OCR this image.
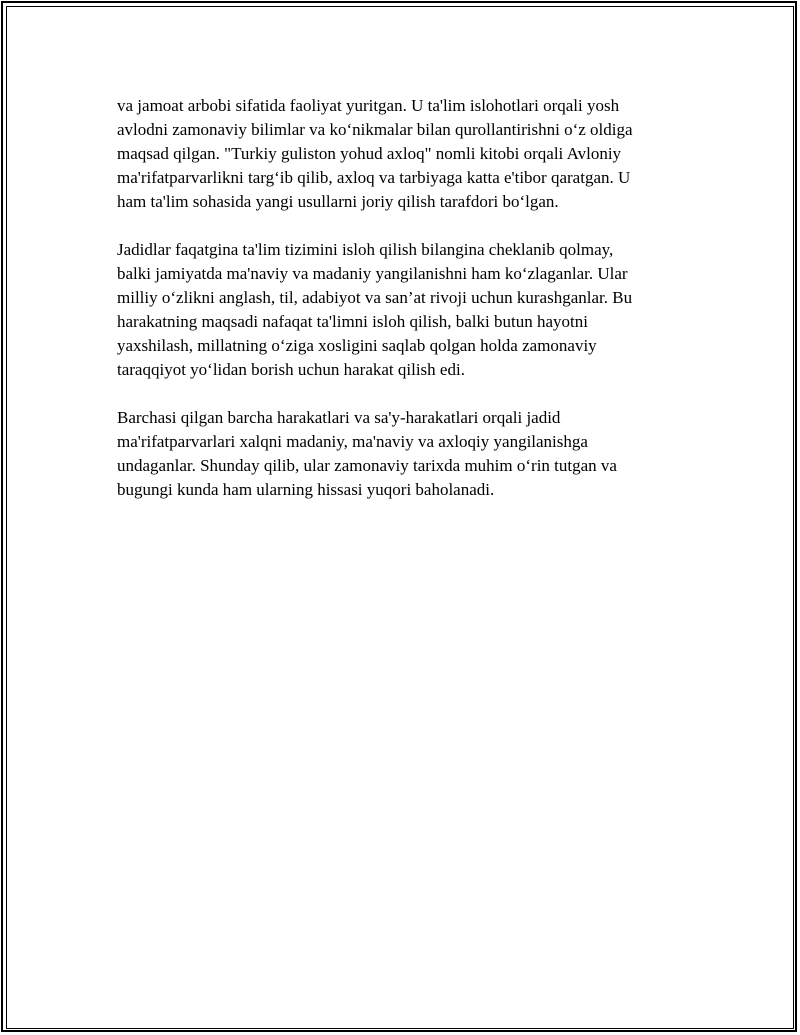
va jamoat arbobi sifatida faoliyat yuritgan. U ta'lim islohotlari orqali yosh
avlodni zamonaviy bilimlar va ko‘nikmalar bilan qurollantirishni o‘z oldiga
maqsad qilgan. "Turkiy guliston yohud axloq" nomli kitobi orqali Avloniy
ma'rifatparvarlikni targ‘ib qilib, axloq va tarbiyaga katta e'tibor qaratgan. U
ham ta'lim sohasida yangi usullarni joriy qilish tarafdori bo‘lgan.

Jadidlar faqatgina ta'lim tizimini isloh qilish bilangina cheklanib qolmay,
balki jamiyatda ma'naviy va madaniy yangilanishni ham ko‘zlaganlar. Ular
milliy o‘zlikni anglash, til, adabiyot va san’at rivoji uchun kurashganlar. Bu
harakatning maqsadi nafaqat ta'limni isloh qilish, balki butun hayotni
yaxshilash, millatning o‘ziga xosligini saqlab qolgan holda zamonaviy
taraqqiyot yo‘lidan borish uchun harakat qilish edi.

Barchasi qilgan barcha harakatlari va sa'y-harakatlari orqali jadid
ma'rifatparvarlari xalqni madaniy, ma'naviy va axloqiy yangilanishga
undaganlar. Shunday qilib, ular zamonaviy tarixda muhim o‘rin tutgan va
bugungi kunda ham ularning hissasi yuqori baholanadi.
